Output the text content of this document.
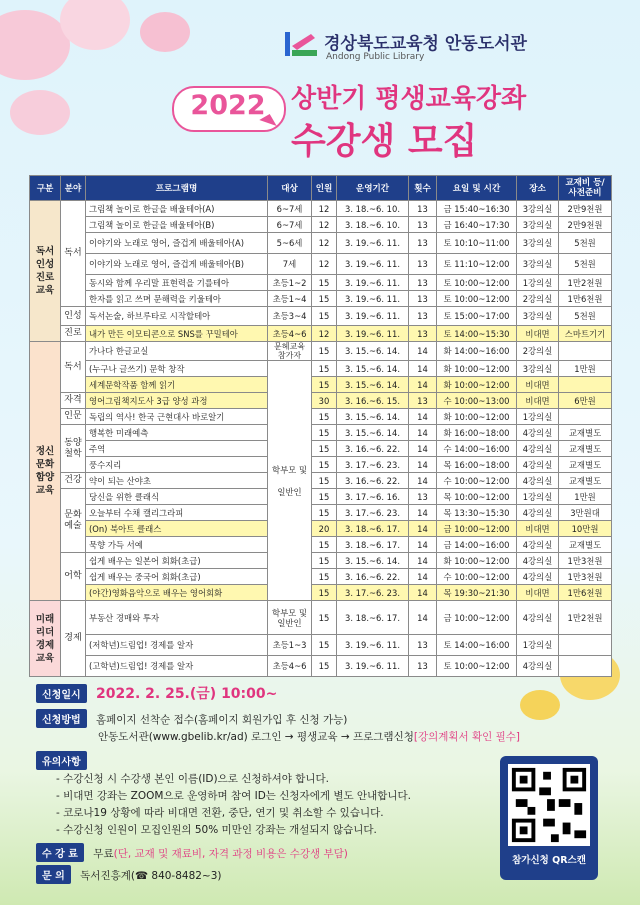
경상북도교육청 안동도서관
Andong Public Library
2022 상반기 평생교육강좌
수강생 모집
구분	분야	프로그램명	대상	인원	운영기간	횟수	요일 및 시간	장소	교재비 등/ 사전준비
독서 인성 진로 교육	독서	그림책 놀이로 한글을 배울테아(A)	6~7세	12	3. 18.~6. 10.	13	금 15:40~16:30	3강의실	2만9천원
		그림책 놀이로 한글을 배울테아(B)	6~7세	12	3. 18.~6. 10.	13	금 16:40~17:30	3강의실	2만9천원
		이야기와 노래로 영어, 즐겁게 배울테아(A)	5~6세	12	3. 19.~6. 11.	13	토 10:10~11:00	3강의실	5천원
		이야기와 노래로 영어, 즐겁게 배울테아(B)	7세	12	3. 19.~6. 11.	13	토 11:10~12:00	3강의실	5천원
		동시와 함께 우리말 표현력을 기를테아	초등1~2	15	3. 19.~6. 11.	13	토 10:00~12:00	1강의실	1만2천원
		한자를 읽고 쓰며 문해력을 키울테아	초등1~4	15	3. 19.~6. 11.	13	토 10:00~12:00	2강의실	1만6천원
	인성	독서논술, 하브루타로 시작할테아	초등3~4	15	3. 19.~6. 11.	13	토 15:00~17:00	3강의실	5천원
	진로	내가 만든 이모티콘으로 SNS를 꾸밀테아	초등4~6	12	3. 19.~6. 11.	13	토 14:00~15:30	비대면	스마트기기
정신 문화 함양 교육	독서	가나다 한글교실	문헤교육 참가자	15	3. 15.~6. 14.	14	화 14:00~16:00	2강의실	
		(누구나 글쓰기) 문학 창작	학부모 및 일반인	15	3. 15.~6. 14.	14	화 10:00~12:00	3강의실	1만원
		세계문학작품 함께 읽기		15	3. 15.~6. 14.	14	화 10:00~12:00	비대면	
	자격	영어그림책지도사 3급 양성 과정		30	3. 16.~6. 15.	13	수 10:00~13:00	비대면	6만원
	인문	독립의 역사! 한국 근현대사 바로알기		15	3. 15.~6. 14.	14	화 10:00~12:00	1강의실	
	동양 철학	행복한 미래예측		15	3. 15.~6. 14.	14	화 16:00~18:00	4강의실	교재별도
		주역		15	3. 16.~6. 22.	14	수 14:00~16:00	4강의실	교재별도
		풍수지리		15	3. 17.~6. 23.	14	목 16:00~18:00	4강의실	교재별도
	건강	약이 되는 산야초		15	3. 16.~6. 22.	14	수 10:00~12:00	4강의실	교재별도
	문화 예술	당신을 위한 클래식		15	3. 17.~6. 16.	13	목 10:00~12:00	1강의실	1만원
		오늘부터 수채 캘리그라피		15	3. 17.~6. 23.	14	목 13:30~15:30	4강의실	3만원대
		(On) 북아트 클래스		20	3. 18.~6. 17.	14	금 10:00~12:00	비대면	10만원
		묵향 가득 서예		15	3. 18.~6. 17.	14	금 14:00~16:00	4강의실	교재별도
	어학	쉽게 배우는 일본어 회화(초급)		15	3. 15.~6. 14.	14	화 10:00~12:00	4강의실	1만3천원
		쉽게 배우는 중국어 회화(초급)		15	3. 16.~6. 22.	14	수 10:00~12:00	4강의실	1만3천원
		(야간)영화음악으로 배우는 영어회화		15	3. 17.~6. 23.	14	목 19:30~21:30	비대면	1만6천원
미래 리더 경제 교육	경제	부동산 경매와 투자	학부모 및 일반인	15	3. 18.~6. 17.	14	금 10:00~12:00	4강의실	1만2천원
		(저학년)드림업! 경제를 알자	초등1~3	15	3. 19.~6. 11.	13	토 14:00~16:00	1강의실	
		(고학년)드림업! 경제를 알자	초등4~6	15	3. 19.~6. 11.	13	토 10:00~12:00	4강의실	
신청일시 2022. 2. 25.(금) 10:00~
신청방법 홈페이지 선착순 접수(홈페이지 회원가입 후 신청 가능)
안동도서관(www.gbelib.kr/ad) 로그인 → 평생교육 → 프로그램신청[강의계획서 확인 필수]
유의사항
- 수강신청 시 수강생 본인 이름(ID)으로 신청하셔야 합니다.
- 비대면 강좌는 ZOOM으로 운영하며 참여 ID는 신청자에게 별도 안내합니다.
- 코로나19 상황에 따라 비대면 전환, 중단, 연기 및 취소할 수 있습니다.
- 수강신청 인원이 모집인원의 50% 미만인 강좌는 개설되지 않습니다.
수 강 료 무료(단, 교재 및 재료비, 자격 과정 비용은 수강생 부담)
문 의 독서진흥계(☎ 840-8482~3)
참가신청 QR스캔
